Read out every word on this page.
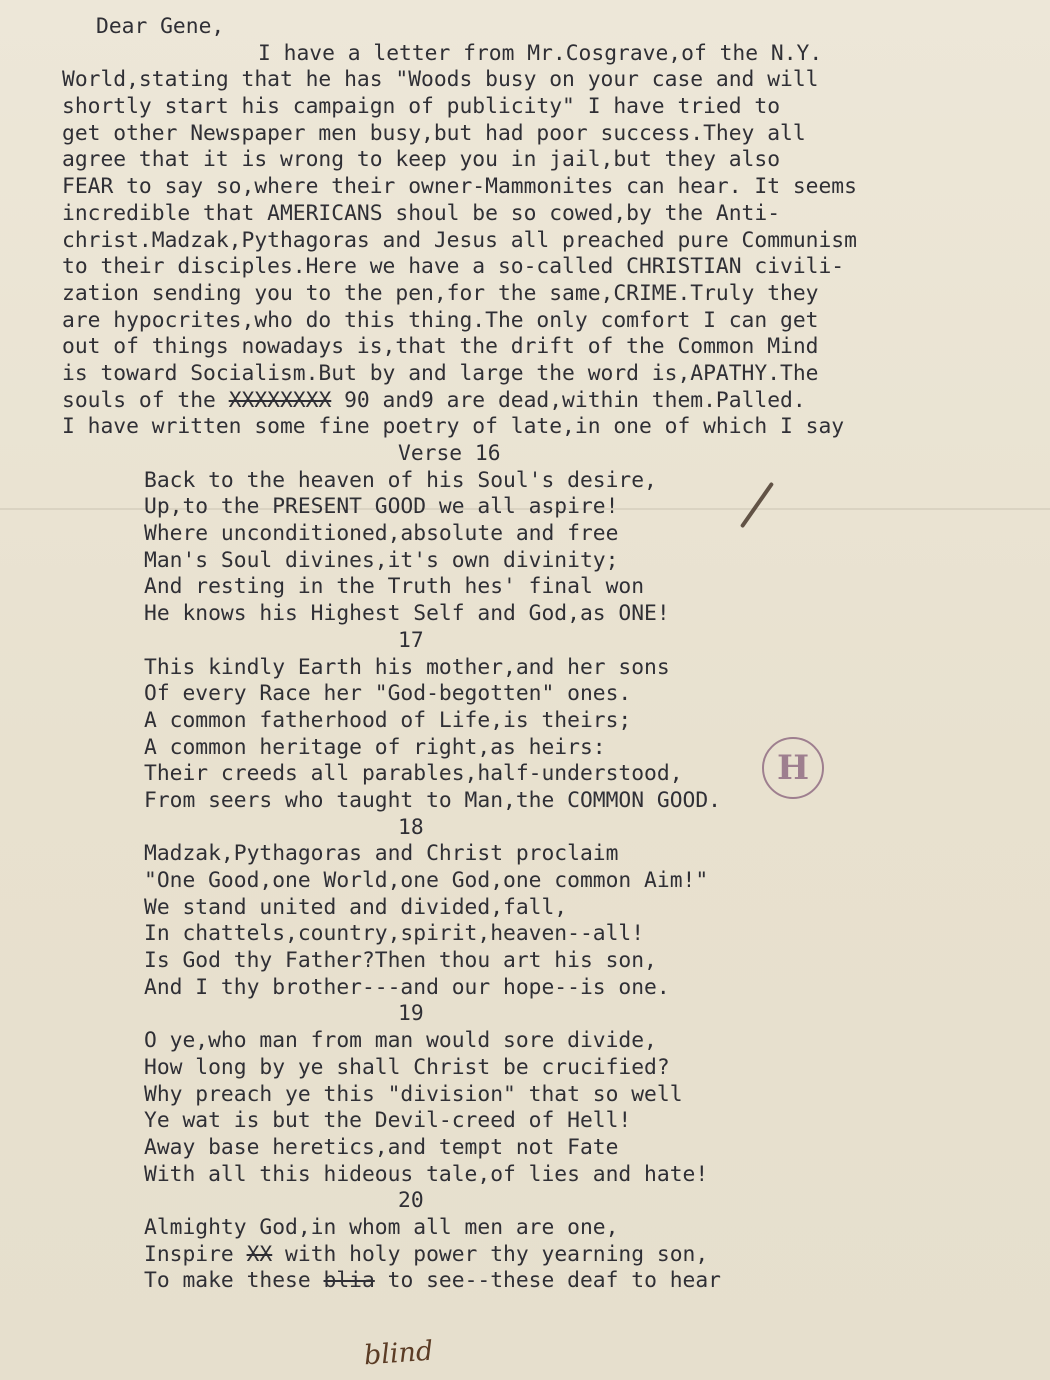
Dear Gene,
I have a letter from Mr.Cosgrave,of the N.Y.
World,stating that he has "Woods busy on your case and will
shortly start his campaign of publicity" I have tried to
get other Newspaper men busy,but had poor success.They all
agree that it is wrong to keep you in jail,but they also
FEAR to say so,where their owner-Mammonites can hear. It seems
incredible that AMERICANS shoul be so cowed,by the Anti-
christ.Madzak,Pythagoras and Jesus all preached pure Communism
to their disciples.Here we have a so-called CHRISTIAN civili-
zation sending you to the pen,for the same,CRIME.Truly they
are hypocrites,who do this thing.The only comfort I can get
out of things nowadays is,that the drift of the Common Mind
is toward Socialism.But by and large the word is,APATHY.The
souls of the XXXXXXXX 90 and9 are dead,within them.Palled.
I have written some fine poetry of late,in one of which I say
Verse 16
Back to the heaven of his Soul's desire,
Up,to the PRESENT GOOD we all aspire!
Where unconditioned,absolute and free
Man's Soul divines,it's own divinity;
And resting in the Truth hes' final won
He knows his Highest Self and God,as ONE!
17
This kindly Earth his mother,and her sons
Of every Race her "God-begotten" ones.
A common fatherhood of Life,is theirs;
A common heritage of right,as heirs:
Their creeds all parables,half-understood,
From seers who taught to Man,the COMMON GOOD.
18
Madzak,Pythagoras and Christ proclaim
"One Good,one World,one God,one common Aim!"
We stand united and divided,fall,
In chattels,country,spirit,heaven--all!
Is God thy Father?Then thou art his son,
And I thy brother---and our hope--is one.
19
O ye,who man from man would sore divide,
How long by ye shall Christ be crucified?
Why preach ye this "division" that so well
Ye wat is but the Devil-creed of Hell!
Away base heretics,and tempt not Fate
With all this hideous tale,of lies and hate!
20
Almighty God,in whom all men are one,
Inspire XX with holy power thy yearning son,
To make these blia to see--these deaf to hear
H
blind
